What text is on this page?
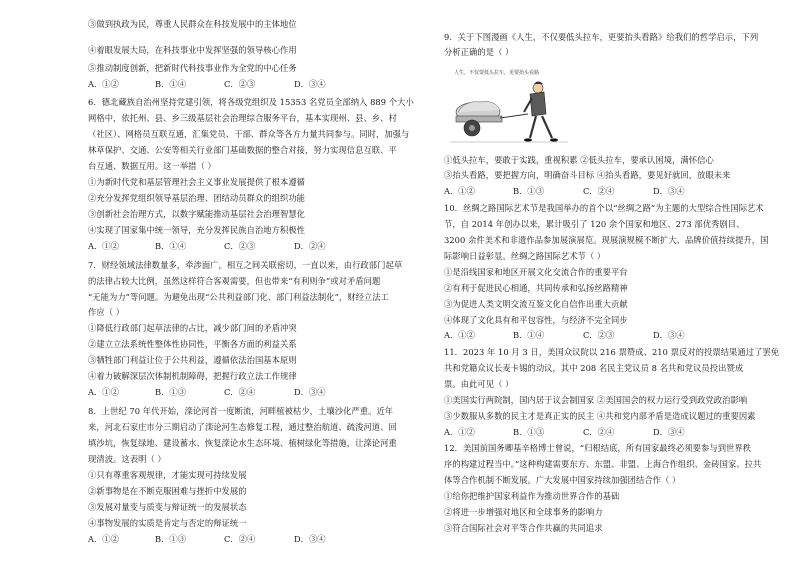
③做到执政为民，尊重人民群众在科技发展中的主体地位
④着眼发展大局，在科技事业中发挥坚强的领导核心作用
⑤推动制度创新，把新时代科技事业作为全党的中心任务
A．①②	B．①④	C．②③	D．③④
6．德北藏族自治州坚持党建引领，将各级党组织及 15353 名党员全部纳入 889 个大小
网格中，依托州、县、乡三级基层社会治理综合服务平台，基本实现州、县、乡、村
（社区）、网格员互联互通，汇集党员、干部、群众等各方力量共同参与。同时，加强与
林草保护、交通、公安等相关行业部门基础数据的整合对接，努力实现信息互联、平
台互通、数据互用。这一举措（ ）
①为新时代党和基层管理社会主义事业发展提供了根本遵循
②充分发挥党组织领导基层治理、团结动员群众的组织功能
③创新社会治理方式，以数字赋能推动基层社会治理智慧化
④实现了国家集中统一领导，充分发挥民族自治地方积极性
A．①②	B．①④	C．②③	D．②④
7．财经领域法律数量多，牵涉面广，相互之间关联密切，一直以来，由行政部门起草
的法律占较大比例，虽然这样符合客观需要，但也带来“有利则争”或对矛盾问题
“无能为力”等问题。为避免出现“公共利益部门化、部门利益法制化”，财经立法工
作应（ ）
①降低行政部门起草法律的占比，减少部门间的矛盾冲突
②建立立法系统性整体性协同性，平衡各方面的利益关系
③牺牲部门利益让位于公共利益，遵循依法治国基本原则
④着力破解深层次体制机制障碍，把握行政立法工作规律
A．①②	B．①③	C．②④	D．③④
8．上世纪 70 年代开始，滦论河首一度断流，河畔植被枯少，土壤沙化严重。近年
来，河北石家庄市分三期启动了滦论河生态修复工程，通过整治航道、疏浚河道、回
填沙坑，恢复绿地、建设蓄水、恢复滦论水生态环境、植树绿化等措施，让滦论河重
现清波。这表明（ ）
①只有尊重客观规律，才能实现可持续发展
②新事物是在不断克服困难与挫折中发展的
③发展对量变与质变与辩证统一的发展状态
④事物发展的实质是肯定与否定的辩证统一
A．①②	B．①③	C．②④	D．③④
9．关于下图漫画《人生，不仅要低头拉车，更要抬头看路》给我们的哲学启示，下列
分析正确的是（ ）
人生，不仅要低头拉车，更要抬头看路
①低头拉车，要敢于实践，重视积累 ②低头拉车，要承认困境，满怀信心
③抬头看路，要把握方向，明确奋斗目标 ④抬头看路，要见好就回，放眼未来
A．①②	B．①③	C．②④	D．③④
10．丝绸之路国际艺术节是我国举办的首个以“丝绸之路”为主题的大型综合性国际艺术
节，自 2014 年创办以来，累计吸引了 120 余个国家和地区、273 部优秀剧目、
3200 余件美术和非遗作品参加展演展览。现展演规模不断扩大、品牌价值持续提升，国
际影响日益彰显。丝绸之路国际艺术节（ ）
①是沿线国家和地区开展文化交流合作的重要平台
②有利于促进民心相通，共同传承和弘扬丝路精神
③为促进人类文明交流互鉴文化自信作出重大贡献
④体现了文化具有和平包容性，与经济不完全同步
A．①②	B．①④	C．②③	D．③④
11．2023 年 10 月 3 日，美国众议院以 216 票赞成、210 票反对的投票结果通过了罢免
共和党籍众议长麦卡锡的动议，其中 208 名民主党议员 8 名共和党议员投出赞成
票。由此可见（ ）
①美国实行两院制，国内居于议会制国家 ②美国国会的权力运行受到政党政治影响
③少数服从多数的民主才是真正实的民主 ④共和党内部矛盾是造成议题过的重要因素
A．①②	B．①③	C．②④	D．③④
12．美国前国务卿基辛格博士曾说，“归根结底，所有国家最终必须要参与到世界秩
序的构建过程当中。”这种构建需要东方、东盟、非盟、上海合作组织、金砖国家、拉共
体等合作机制不断发展。广大发展中国家持续加强团结合作（ ）
①给你把维护国家利益作为推动世界合作的基础
②将进一步增强对地区和全球事务的影响力
③符合国际社会对平等合作共赢的共同追求
